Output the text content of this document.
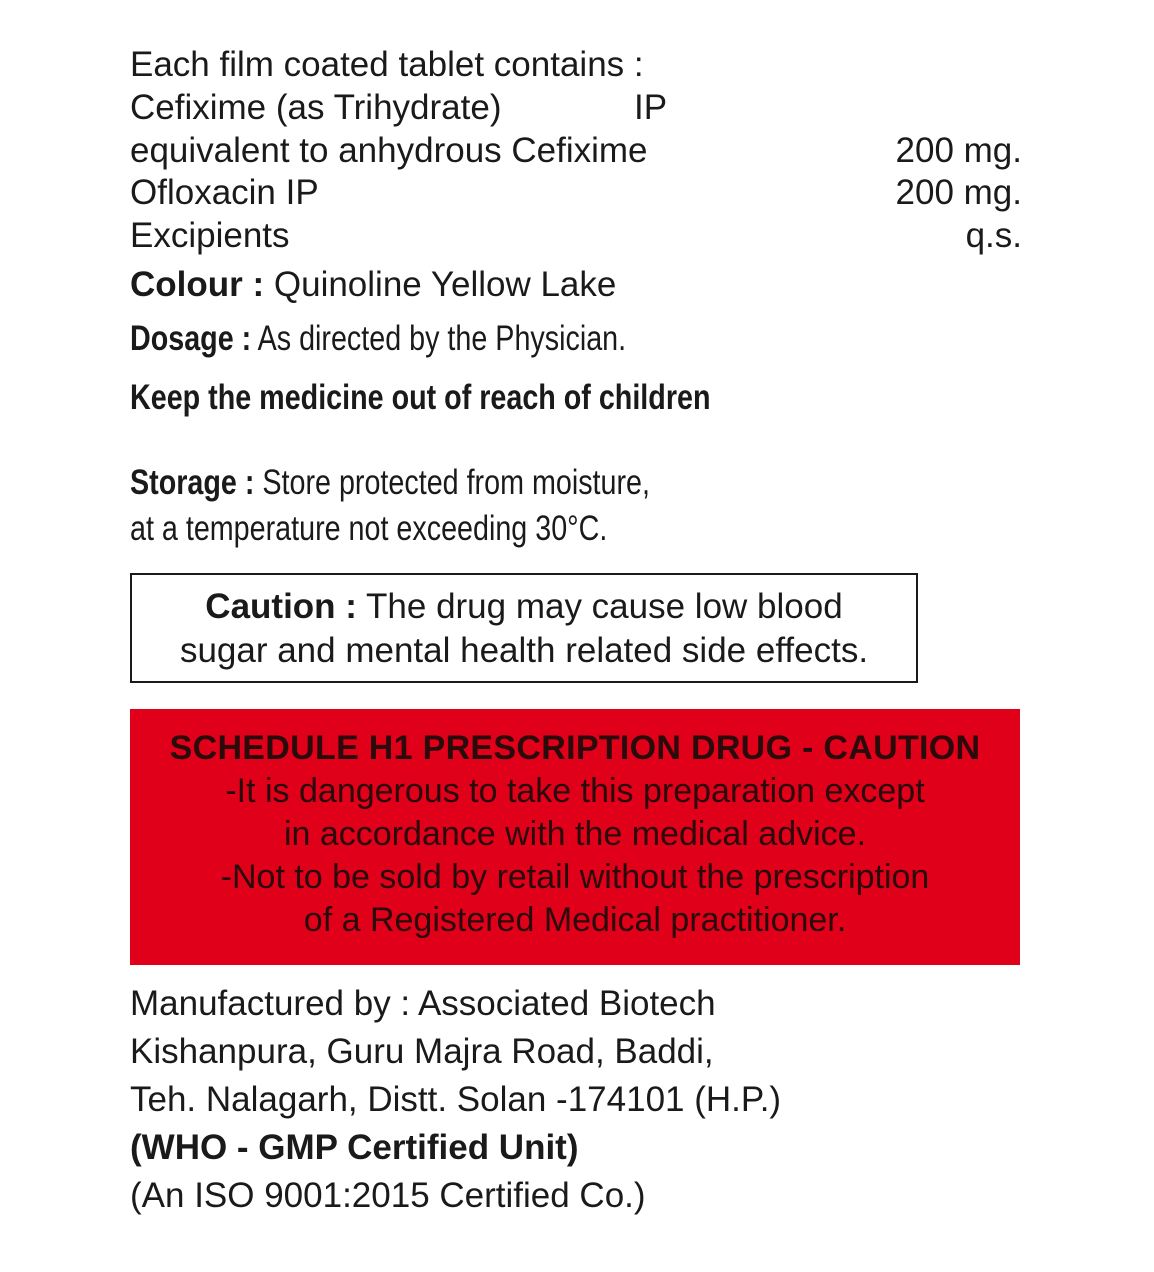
Each film coated tablet contains :
Cefixime (as Trihydrate)	IP
equivalent to anhydrous Cefixime	200 mg.
Ofloxacin IP	200 mg.
Excipients	q.s.
Colour : Quinoline Yellow Lake
Dosage : As directed by the Physician.
Keep the medicine out of reach of children
Storage : Store protected from moisture,
at a temperature not exceeding 30°C.
Caution : The drug may cause low blood
sugar and mental health related side effects.
SCHEDULE H1 PRESCRIPTION DRUG - CAUTION
-It is dangerous to take this preparation except
in accordance with the medical advice.
-Not to be sold by retail without the prescription
of a Registered Medical practitioner.
Manufactured by : Associated Biotech
Kishanpura, Guru Majra Road, Baddi,
Teh. Nalagarh, Distt. Solan -174101 (H.P.)
(WHO - GMP Certified Unit)
(An ISO 9001:2015 Certified Co.)
